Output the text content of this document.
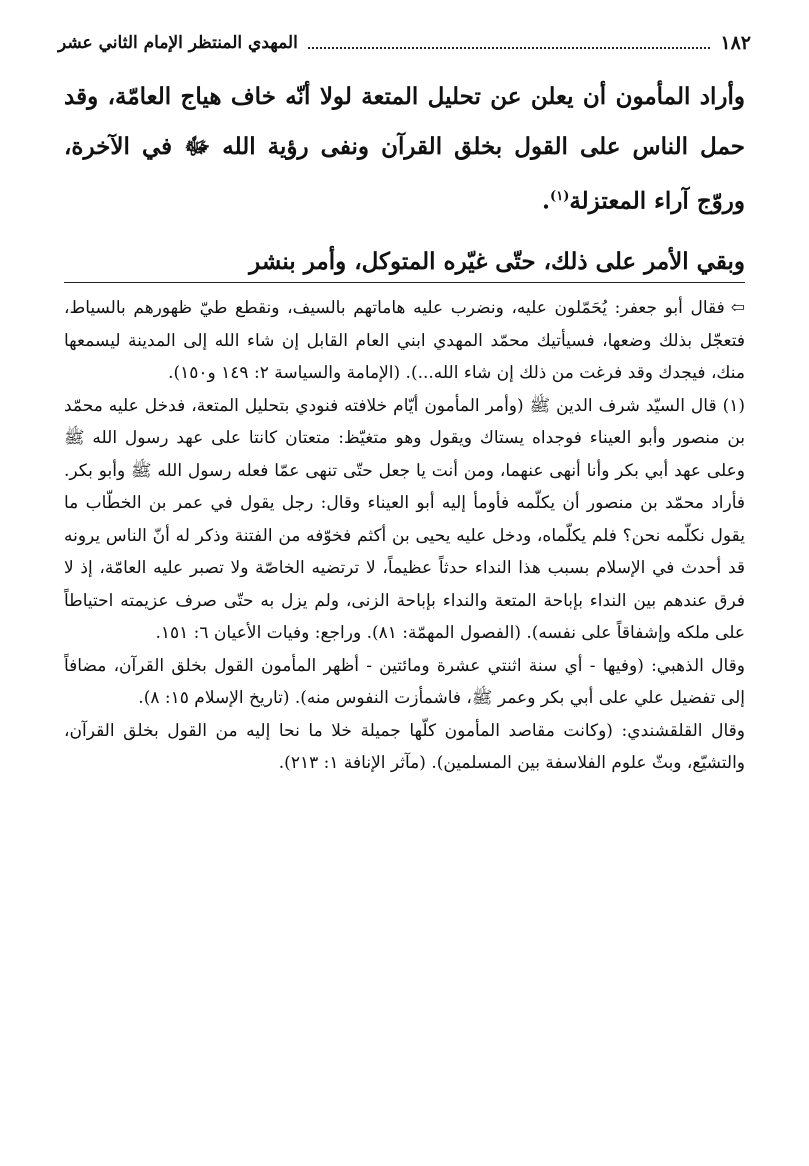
١٨٢
المهدي المنتظر الإمام الثاني عشر

وأراد المأمون أن يعلن عن تحليل المتعة لولا أنّه خاف هياج العامّة، وقد حمل الناس على القول بخلق القرآن ونفى رؤية الله ﷻ في الآخرة، وروّج آراء المعتزلة$^{(١)}$.

وبقي الأمر على ذلك، حتّى غيّره المتوكل، وأمر بنشر

⇦فقال أبو جعفر: يُحَمّلون عليه، ونضرب عليه هاماتهم بالسيف، ونقطع طيّ ظهورهم بالسياط، فتعجّل بذلك وضعها، فسيأتيك محمّد المهدي ابني العام القابل إن شاء الله إلى المدينة ليسمعها منك، فيجدك وقد فرغت من ذلك إن شاء الله...). (الإمامة والسياسة ٢: ١٤٩ و١٥٠).

(١)قال السيّد شرف الدين ﷺ (وأمر المأمون أيّام خلافته فنودي بتحليل المتعة، فدخل عليه محمّد بن منصور وأبو العيناء فوجداه يستاك ويقول وهو متغيّظ: متعتان كانتا على عهد رسول الله ﷺ وعلى عهد أبي بكر وأنا أنهى عنهما، ومن أنت يا جعل حتّى تنهى عمّا فعله رسول الله ﷺ وأبو بكر. فأراد محمّد بن منصور أن يكلّمه فأومأ إليه أبو العيناء وقال: رجل يقول في عمر بن الخطّاب ما يقول نكلّمه نحن؟ فلم يكلّماه، ودخل عليه يحيى بن أكثم فخوّفه من الفتنة وذكر له أنّ الناس يرونه قد أحدث في الإسلام بسبب هذا النداء حدثاً عظيماً، لا ترتضيه الخاصّة ولا تصبر عليه العامّة، إذ لا فرق عندهم بين النداء بإباحة المتعة والنداء بإباحة الزنى، ولم يزل به حتّى صرف عزيمته احتياطاً على ملكه وإشفاقاً على نفسه). (الفصول المهمّة: ٨١). وراجع: وفيات الأعيان ٦: ١٥١.

وقال الذهبي: (وفيها - أي سنة اثنتي عشرة ومائتين - أظهر المأمون القول بخلق القرآن، مضافاً إلى تفضيل علي على أبي بكر وعمر ﷺ، فاشمأزت النفوس منه). (تاريخ الإسلام ١٥: ٨).

وقال القلقشندي: (وكانت مقاصد المأمون كلّها جميلة خلا ما نحا إليه من القول بخلق القرآن، والتشيّع، وبثّ علوم الفلاسفة بين المسلمين). (مآثر الإنافة ١: ٢١٣).
